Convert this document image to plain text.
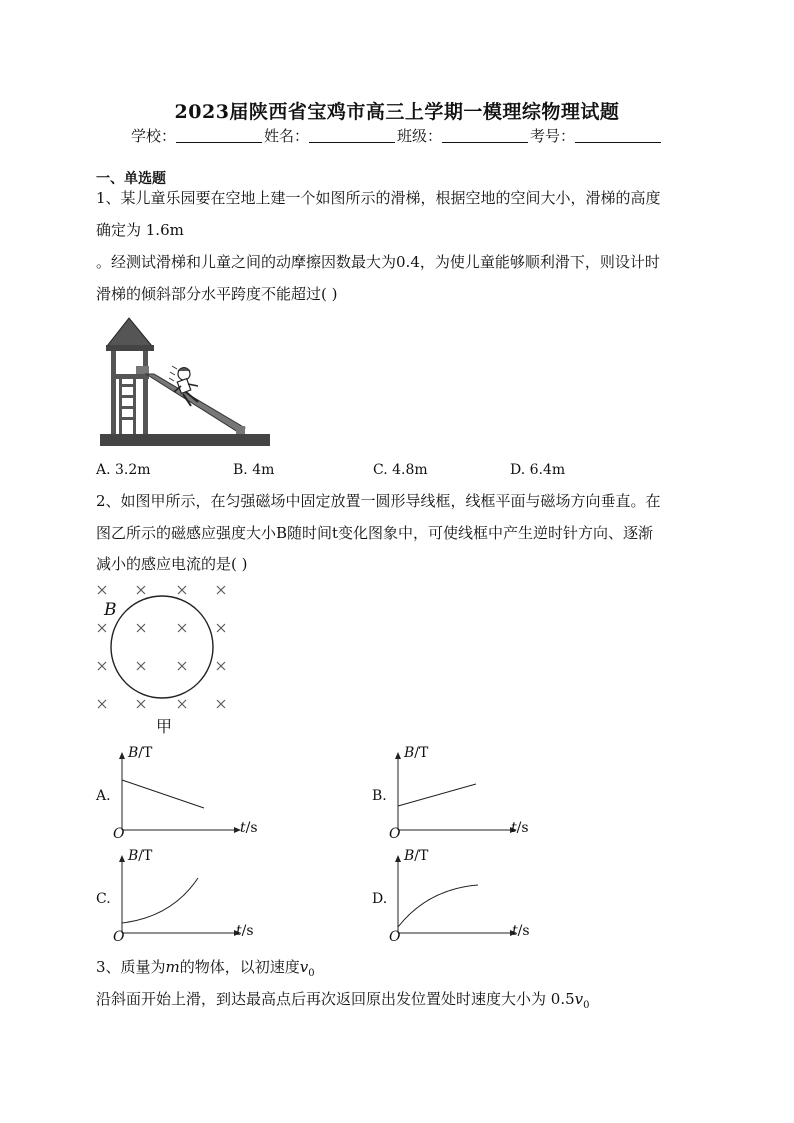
2023届陕西省宝鸡市高三上学期一模理综物理试题
学校：	姓名：	班级：	考号：
一、单选题
1、某儿童乐园要在空地上建一个如图所示的滑梯，根据空地的空间大小，滑梯的高度
确定为 1.6m
。经测试滑梯和儿童之间的动摩擦因数最大为0.4，为使儿童能够顺利滑下，则设计时
滑梯的倾斜部分水平跨度不能超过( )
A. 3.2m	B. 4m	C. 4.8m	D. 6.4m
2、如图甲所示，在匀强磁场中固定放置一圆形导线框，线框平面与磁场方向垂直。在
图乙所示的磁感应强度大小B随时间t变化图象中，可使线框中产生逆时针方向、逐渐
减小的感应电流的是( )
B
甲
A.
B/T
t/s
O
B.
B/T
t/s
O
C.
B/T
t/s
O
D.
B/T
t/s
O
3、质量为m的物体，以初速度$v_0$
沿斜面开始上滑，到达最高点后再次返回原出发位置处时速度大小为 $0.5v_0$
